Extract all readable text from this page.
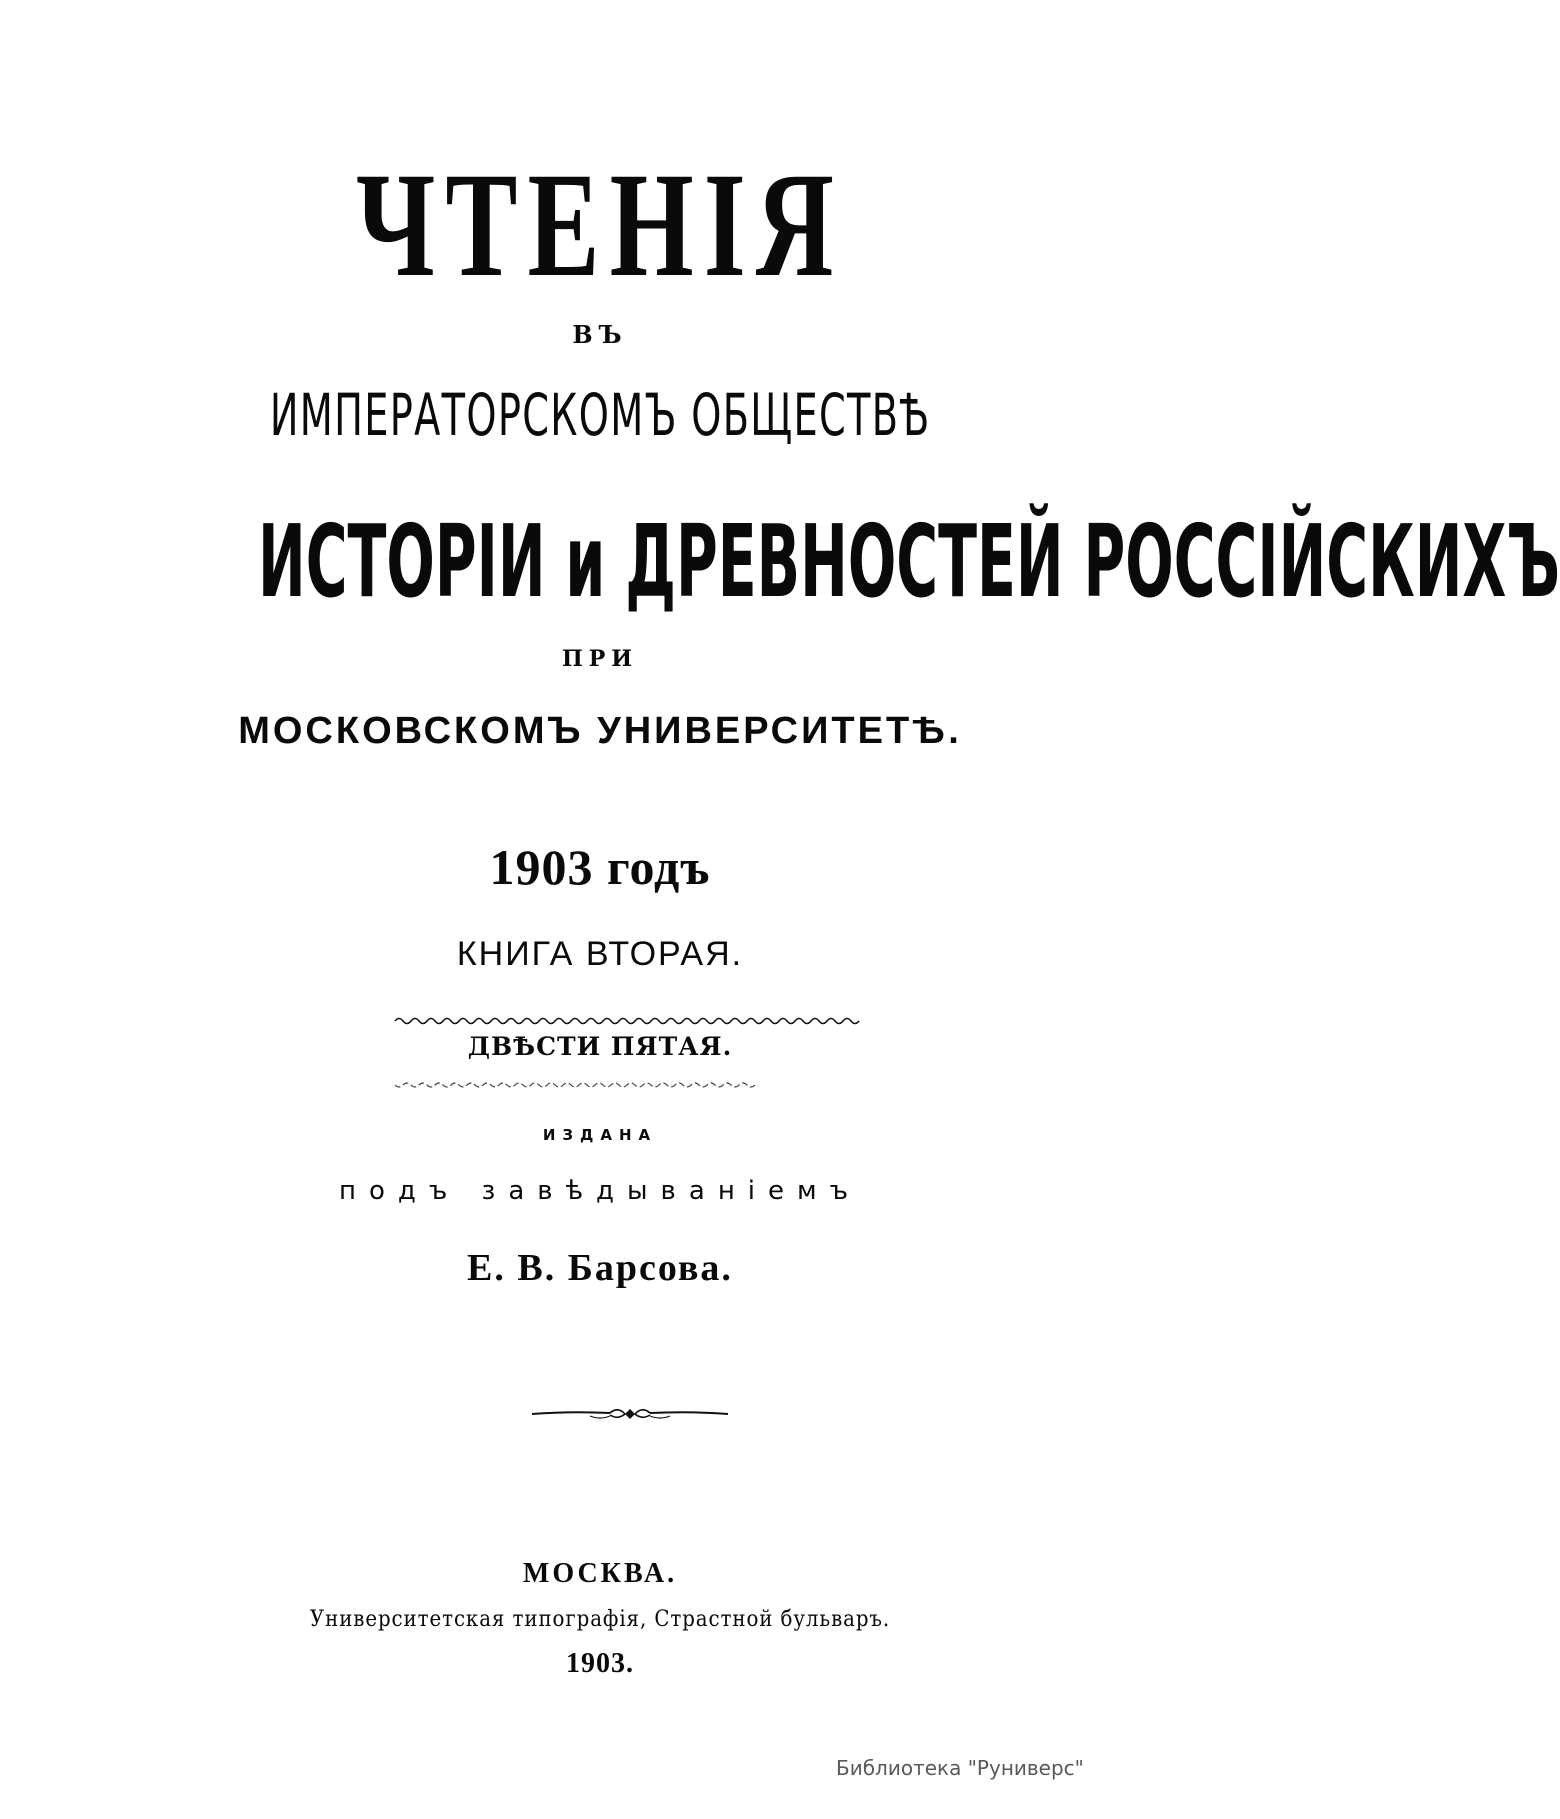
ЧТЕНІЯ
ВЪ
ИМПЕРАТОРСКОМЪ ОБЩЕСТВѢ
ИСТОРІИ и ДРЕВНОСТЕЙ РОССІЙСКИХЪ
ПРИ
МОСКОВСКОМЪ УНИВЕРСИТЕТѢ.
1903 годъ
КНИГА ВТОРАЯ.
ДВѢСТИ ПЯТАЯ.
ИЗДАНА
подъ завѣдываніемъ
Е. В. Барсова.
МОСКВА.
Университетская типографія, Страстной бульваръ.
1903.
Библиотека "Руниверс"
